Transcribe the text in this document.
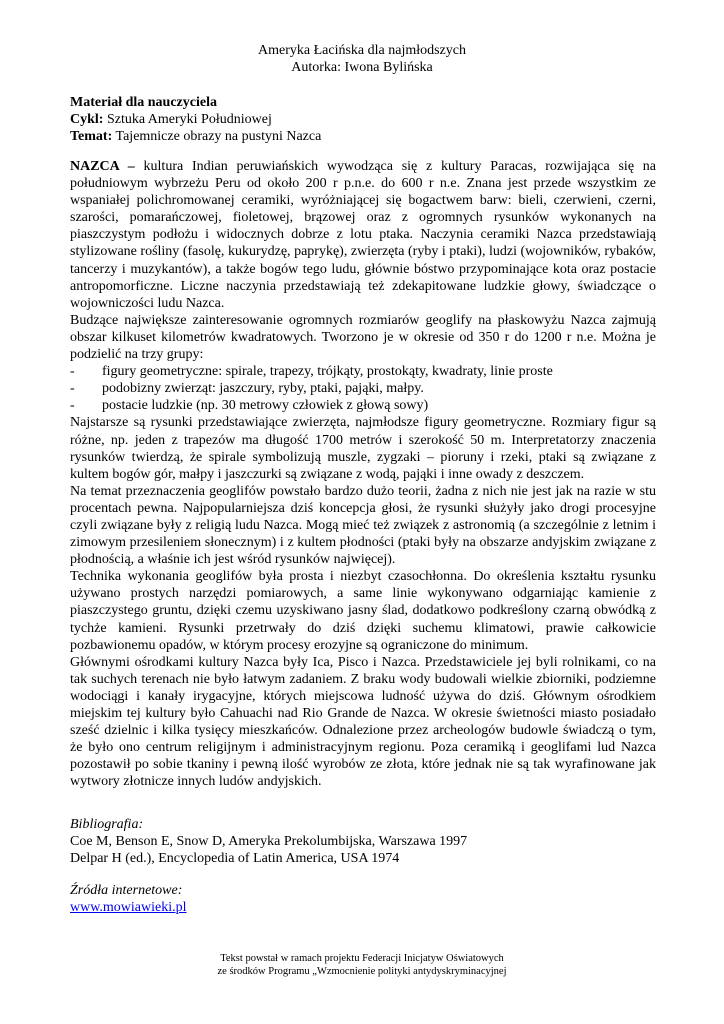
Ameryka Łacińska dla najmłodszych
Autorka: Iwona Bylińska
Materiał dla nauczyciela
Cykl: Sztuka Ameryki Południowej
Temat: Tajemnicze obrazy na pustyni Nazca

NAZCA – kultura Indian peruwiańskich wywodząca się z kultury Paracas, rozwijająca się na południowym wybrzeżu Peru od około 200 r p.n.e. do 600 r n.e. Znana jest przede wszystkim ze wspaniałej polichromowanej ceramiki, wyróżniającej się bogactwem barw: bieli, czerwieni, czerni, szarości, pomarańczowej, fioletowej, brązowej oraz z ogromnych rysunków wykonanych na piaszczystym podłożu i widocznych dobrze z lotu ptaka. Naczynia ceramiki Nazca przedstawiają stylizowane rośliny (fasolę, kukurydzę, paprykę), zwierzęta (ryby i ptaki), ludzi (wojowników, rybaków, tancerzy i muzykantów), a także bogów tego ludu, głównie bóstwo przypominające kota oraz postacie antropomorficzne. Liczne naczynia przedstawiają też zdekapitowane ludzkie głowy, świadczące o wojowniczości ludu Nazca.

Budzące największe zainteresowanie ogromnych rozmiarów geoglify na płaskowyżu Nazca zajmują obszar kilkuset kilometrów kwadratowych. Tworzono je w okresie od 350 r do 1200 r n.e. Można je podzielić na trzy grupy:

- figury geometryczne: spirale, trapezy, trójkąty, prostokąty, kwadraty, linie proste
- podobizny zwierząt: jaszczury, ryby, ptaki, pająki, małpy.
- postacie ludzkie (np. 30 metrowy człowiek z głową sowy)

Najstarsze są rysunki przedstawiające zwierzęta, najmłodsze figury geometryczne. Rozmiary figur są różne, np. jeden z trapezów ma długość 1700 metrów i szerokość 50 m. Interpretatorzy znaczenia rysunków twierdzą, że spirale symbolizują muszle, zygzaki – pioruny i rzeki, ptaki są związane z kultem bogów gór, małpy i jaszczurki są związane z wodą, pająki i inne owady z deszczem.

Na temat przeznaczenia geoglifów powstało bardzo dużo teorii, żadna z nich nie jest jak na razie w stu procentach pewna. Najpopularniejsza dziś koncepcja głosi, że rysunki służyły jako drogi procesyjne czyli związane były z religią ludu Nazca. Mogą mieć też związek z astronomią (a szczególnie z letnim i zimowym przesileniem słonecznym) i z kultem płodności (ptaki były na obszarze andyjskim związane z płodnością, a właśnie ich jest wśród rysunków najwięcej).

Technika wykonania geoglifów była prosta i niezbyt czasochłonna. Do określenia kształtu rysunku używano prostych narzędzi pomiarowych, a same linie wykonywano odgarniając kamienie z piaszczystego gruntu, dzięki czemu uzyskiwano jasny ślad, dodatkowo podkreślony czarną obwódką z tychże kamieni. Rysunki przetrwały do dziś dzięki suchemu klimatowi, prawie całkowicie pozbawionemu opadów, w którym procesy erozyjne są ograniczone do minimum.

Głównymi ośrodkami kultury Nazca były Ica, Pisco i Nazca. Przedstawiciele jej byli rolnikami, co na tak suchych terenach nie było łatwym zadaniem. Z braku wody budowali wielkie zbiorniki, podziemne wodociągi i kanały irygacyjne, których miejscowa ludność używa do dziś. Głównym ośrodkiem miejskim tej kultury było Cahuachi nad Rio Grande de Nazca. W okresie świetności miasto posiadało sześć dzielnic i kilka tysięcy mieszkańców. Odnalezione przez archeologów budowle świadczą o tym, że było ono centrum religijnym i administracyjnym regionu. Poza ceramiką i geoglifami lud Nazca pozostawił po sobie tkaniny i pewną ilość wyrobów ze złota, które jednak nie są tak wyrafinowane jak wytwory złotnicze innych ludów andyjskich.

Bibliografia:
Coe M, Benson E, Snow D, Ameryka Prekolumbijska, Warszawa 1997
Delpar H (ed.), Encyclopedia of Latin America, USA 1974
Źródła internetowe:
www.mowiawieki.pl
Tekst powstał w ramach projektu Federacji Inicjatyw Oświatowych
ze środków Programu „Wzmocnienie polityki antydyskryminacyjnej
